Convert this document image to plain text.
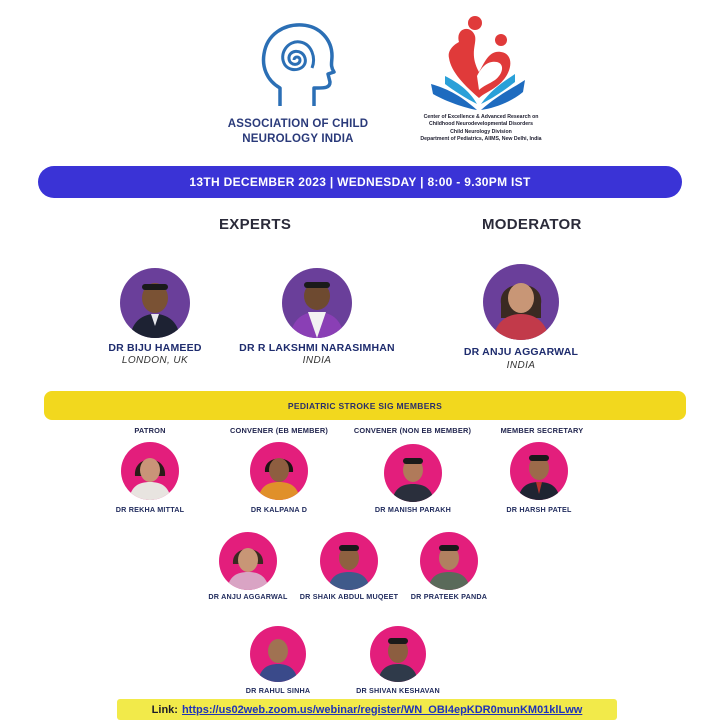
ASSOCIATION OF CHILD
NEUROLOGY INDIA
Center of Excellence & Advanced Research on
Childhood Neurodevelopmental Disorders
Child Neurology Division
Department of Pediatrics, AIIMS, New Delhi, India
13TH DECEMBER 2023 | WEDNESDAY | 8:00 - 9.30PM IST
EXPERTS	MODERATOR
DR BIJU HAMEED
LONDON, UK
DR R LAKSHMI NARASIMHAN
INDIA
DR ANJU AGGARWAL
INDIA
PEDIATRIC STROKE SIG MEMBERS
PATRON	CONVENER (EB MEMBER)	CONVENER (NON EB MEMBER)	MEMBER SECRETARY
DR REKHA MITTAL	DR KALPANA D	DR MANISH PARAKH	DR HARSH PATEL
DR ANJU AGGARWAL	DR SHAIK ABDUL MUQEET	DR PRATEEK PANDA
DR RAHUL SINHA	DR SHIVAN KESHAVAN
Link: https://us02web.zoom.us/webinar/register/WN_OBI4epKDR0munKM01klLww
